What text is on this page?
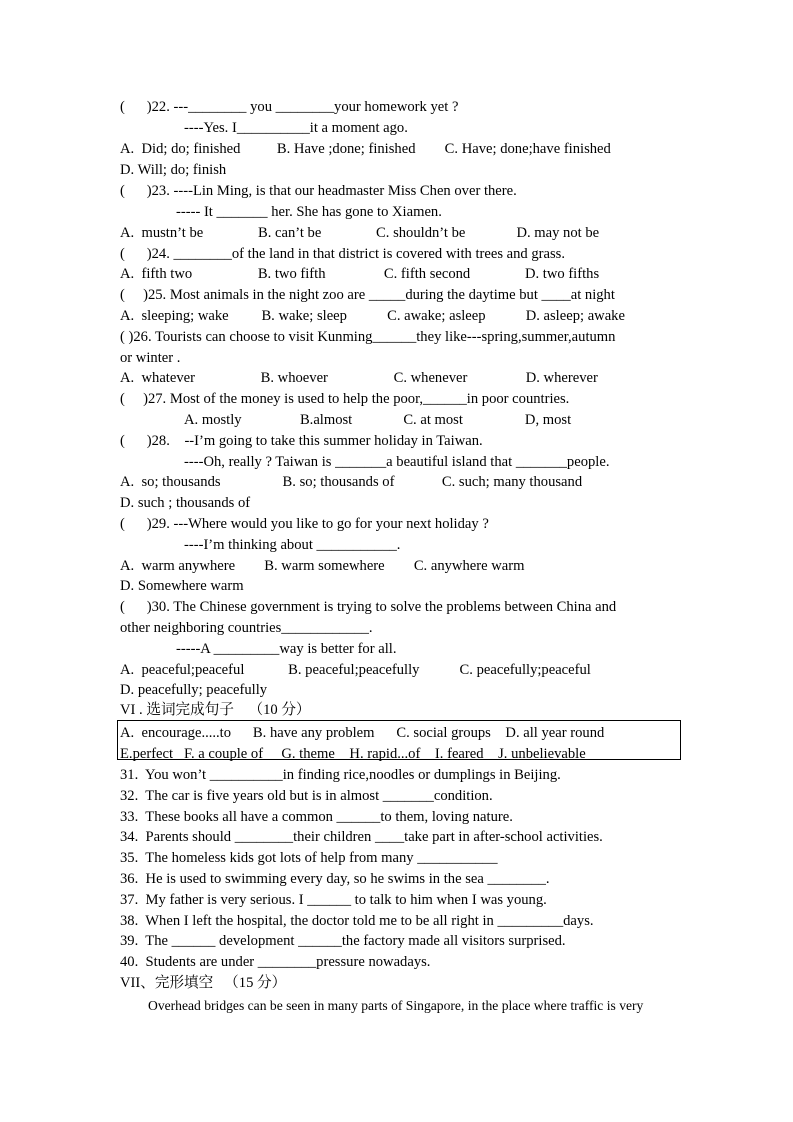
(      )22. ---________ you ________your homework yet ?
----Yes. I__________it a moment ago.
A.  Did; do; finished          B. Have ;done; finished        C. Have; done;have finished
D. Will; do; finish
(      )23. ----Lin Ming, is that our headmaster Miss Chen over there.
----- It _______ her. She has gone to Xiamen.
A.  mustn’t be               B. can’t be               C. shouldn’t be              D. may not be
(      )24. ________of the land in that district is covered with trees and grass.
A.  fifth two                  B. two fifth                C. fifth second               D. two fifths
(     )25. Most animals in the night zoo are _____during the daytime but ____at night
A.  sleeping; wake         B. wake; sleep           C. awake; asleep           D. asleep; awake
( )26. Tourists can choose to visit Kunming______they like---spring,summer,autumn
or winter .
A.  whatever                  B. whoever                  C. whenever                D. wherever
(     )27. Most of the money is used to help the poor,______in poor countries.
A. mostly                B.almost              C. at most                 D, most
(      )28.    --I’m going to take this summer holiday in Taiwan.
----Oh, really ? Taiwan is _______a beautiful island that _______people.
A.  so; thousands                 B. so; thousands of             C. such; many thousand
D. such ; thousands of
(      )29. ---Where would you like to go for your next holiday ?
----I’m thinking about ___________.
A.  warm anywhere        B. warm somewhere        C. anywhere warm
D. Somewhere warm
(      )30. The Chinese government is trying to solve the problems between China and
other neighboring countries____________.
-----A _________way is better for all.
A.  peaceful;peaceful            B. peaceful;peacefully           C. peacefully;peaceful
D. peacefully; peacefully
VI . 选词完成句子    （10 分）
A.  encourage.....to      B. have any problem      C. social groups    D. all year round
E.perfect   F. a couple of     G. theme    H. rapid...of    I. feared    J. unbelievable
31.  You won’t __________in finding rice,noodles or dumplings in Beijing.
32.  The car is five years old but is in almost _______condition.
33.  These books all have a common ______to them, loving nature.
34.  Parents should ________their children ____take part in after-school activities.
35.  The homeless kids got lots of help from many ___________
36.  He is used to swimming every day, so he swims in the sea ________.
37.  My father is very serious. I ______ to talk to him when I was young.
38.  When I left the hospital, the doctor told me to be all right in _________days.
39.  The ______ development ______the factory made all visitors surprised.
40.  Students are under ________pressure nowadays.
VII、完形填空   （15 分）
Overhead bridges can be seen in many parts of Singapore, in the place where traffic is very
